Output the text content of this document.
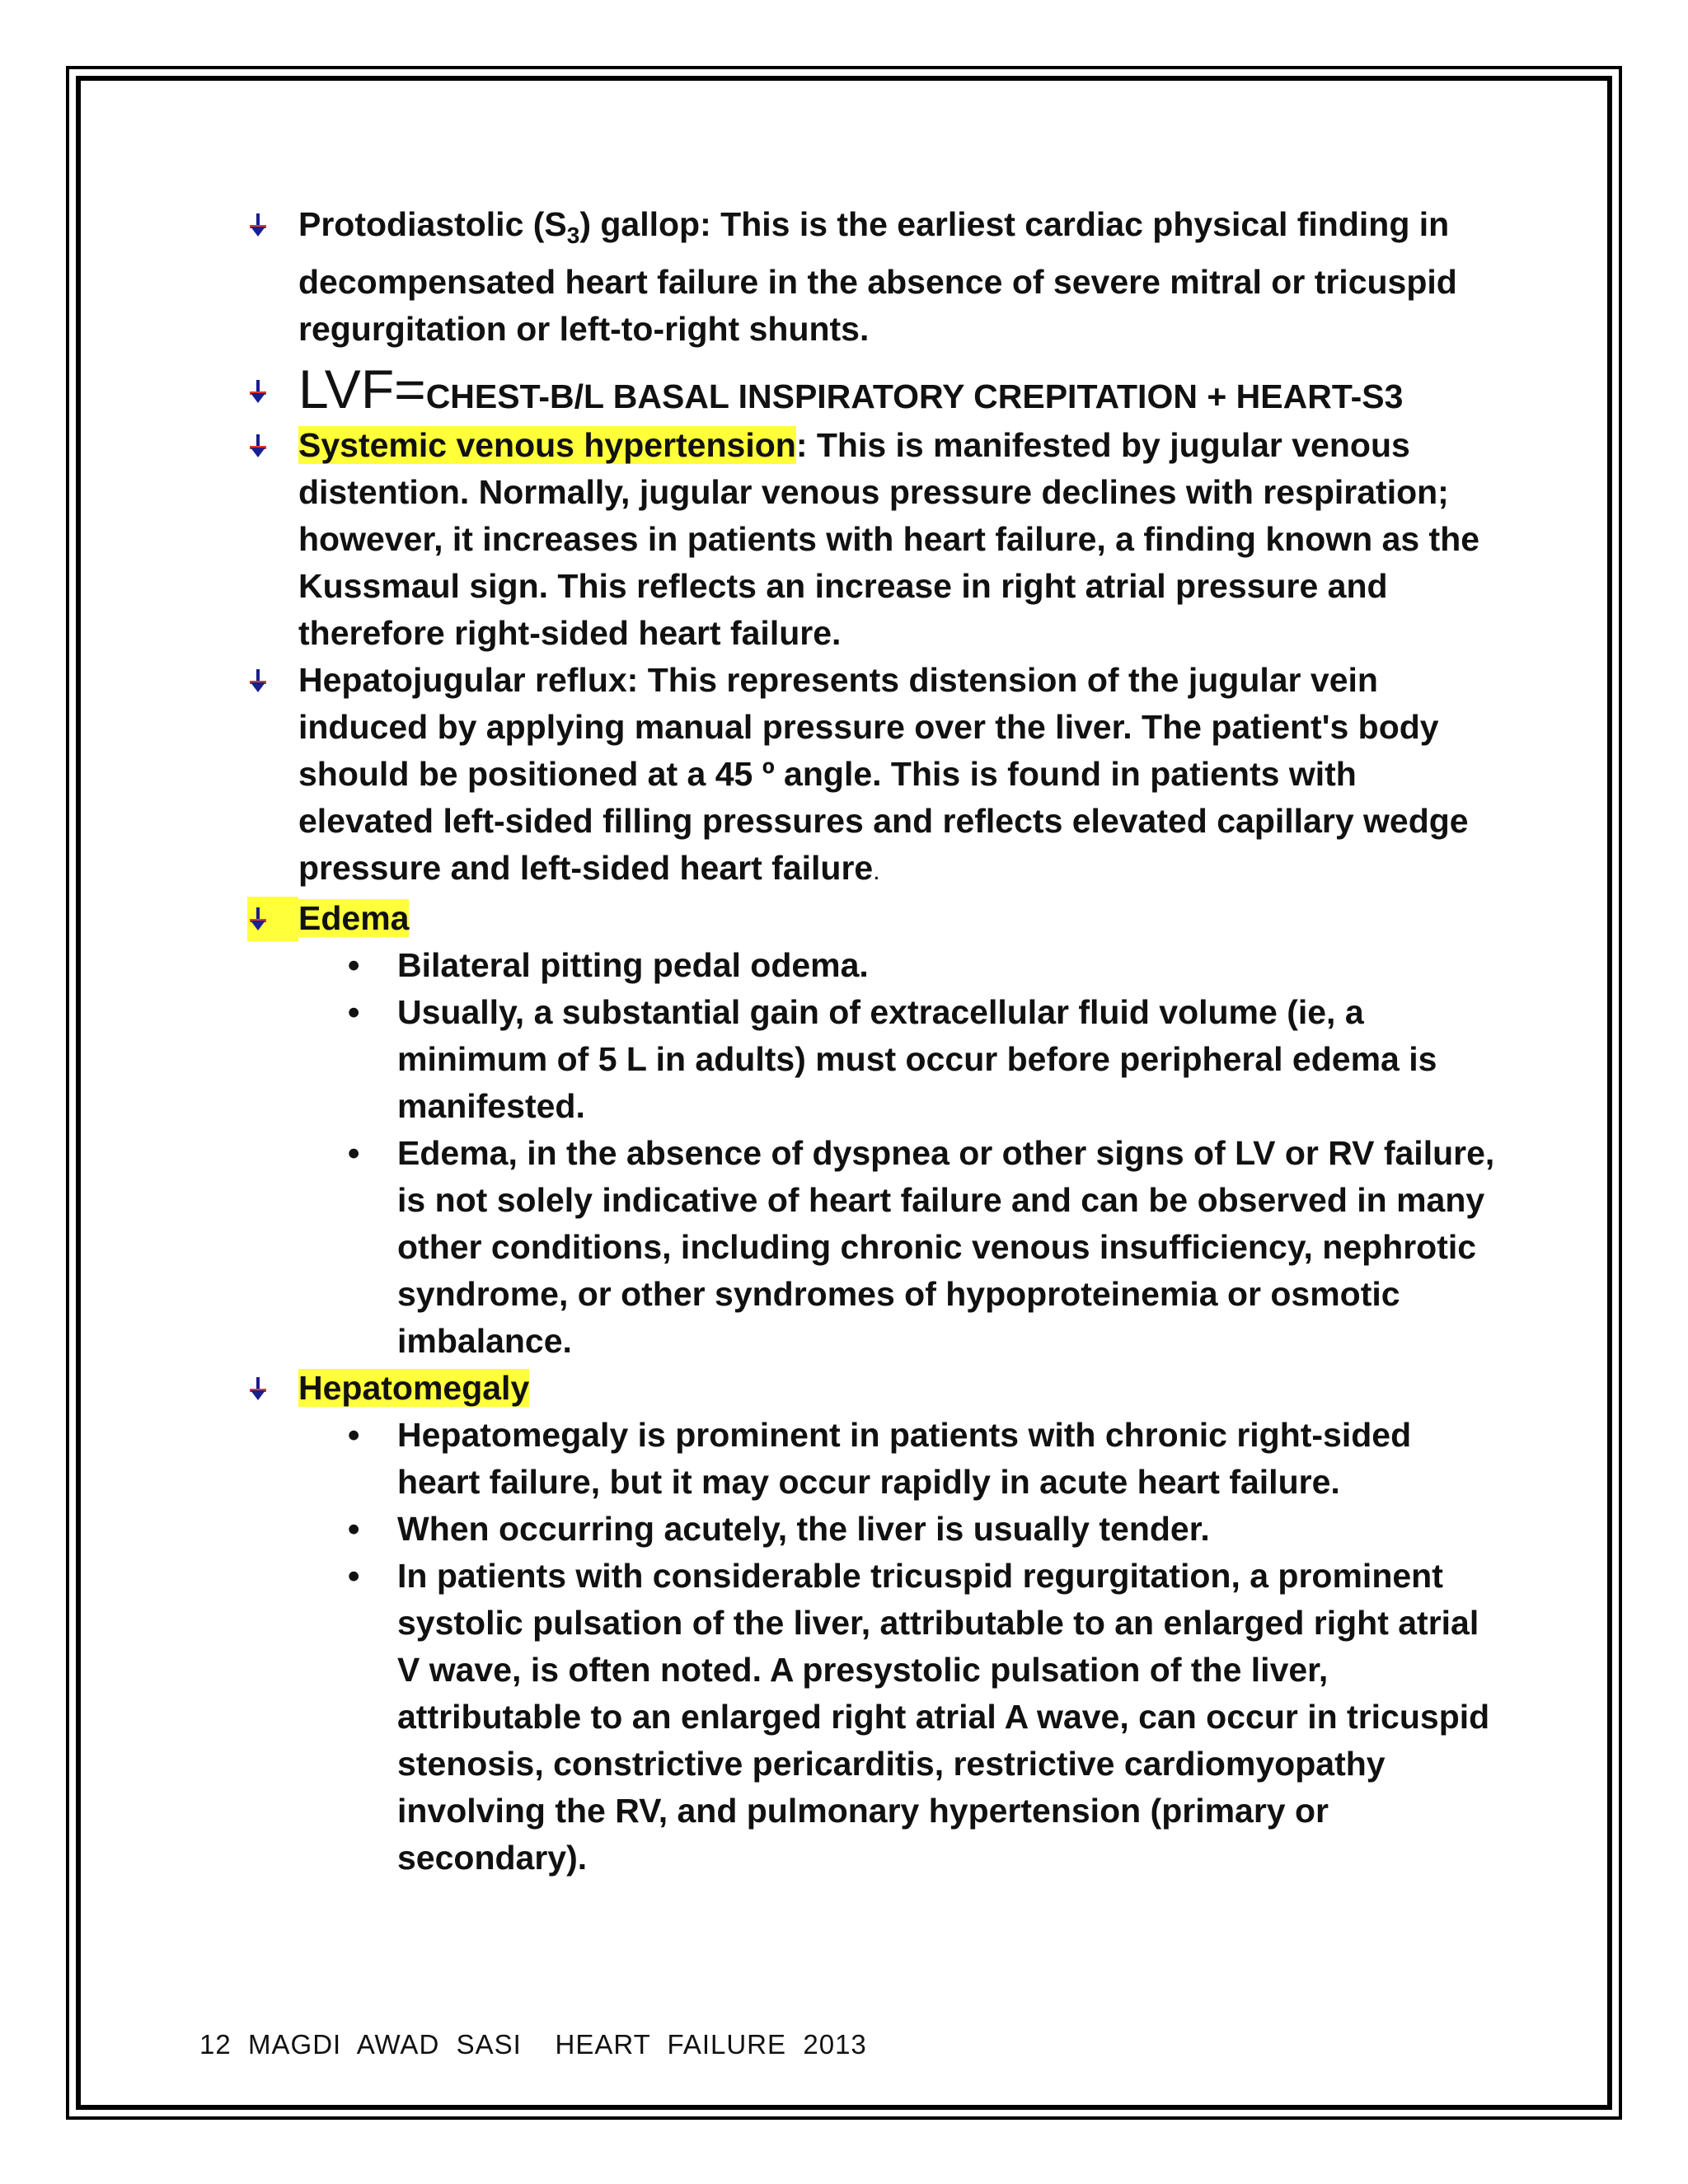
Protodiastolic $(S_3)$ gallop: This is the earliest cardiac physical finding in decompensated heart failure in the absence of severe mitral or tricuspid regurgitation or left-to-right shunts.
LVF=CHEST-B/L BASAL INSPIRATORY CREPITATION + HEART-S3
Systemic venous hypertension: This is manifested by jugular venous distention. Normally, jugular venous pressure declines with respiration; however, it increases in patients with heart failure, a finding known as the Kussmaul sign. This reflects an increase in right atrial pressure and therefore right-sided heart failure.
Hepatojugular reflux: This represents distension of the jugular vein induced by applying manual pressure over the liver. The patient's body should be positioned at a 45 º angle. This is found in patients with elevated left-sided filling pressures and reflects elevated capillary wedge pressure and left-sided heart failure.
Edema
• Bilateral pitting pedal odema.
• Usually, a substantial gain of extracellular fluid volume (ie, a minimum of 5 L in adults) must occur before peripheral edema is manifested.
• Edema, in the absence of dyspnea or other signs of LV or RV failure, is not solely indicative of heart failure and can be observed in many other conditions, including chronic venous insufficiency, nephrotic syndrome, or other syndromes of hypoproteinemia or osmotic imbalance.
Hepatomegaly
• Hepatomegaly is prominent in patients with chronic right-sided heart failure, but it may occur rapidly in acute heart failure.
• When occurring acutely, the liver is usually tender.
• In patients with considerable tricuspid regurgitation, a prominent systolic pulsation of the liver, attributable to an enlarged right atrial V wave, is often noted. A presystolic pulsation of the liver, attributable to an enlarged right atrial A wave, can occur in tricuspid stenosis, constrictive pericarditis, restrictive cardiomyopathy involving the RV, and pulmonary hypertension (primary or secondary).
12  MAGDI  AWAD  SASI    HEART  FAILURE  2013
